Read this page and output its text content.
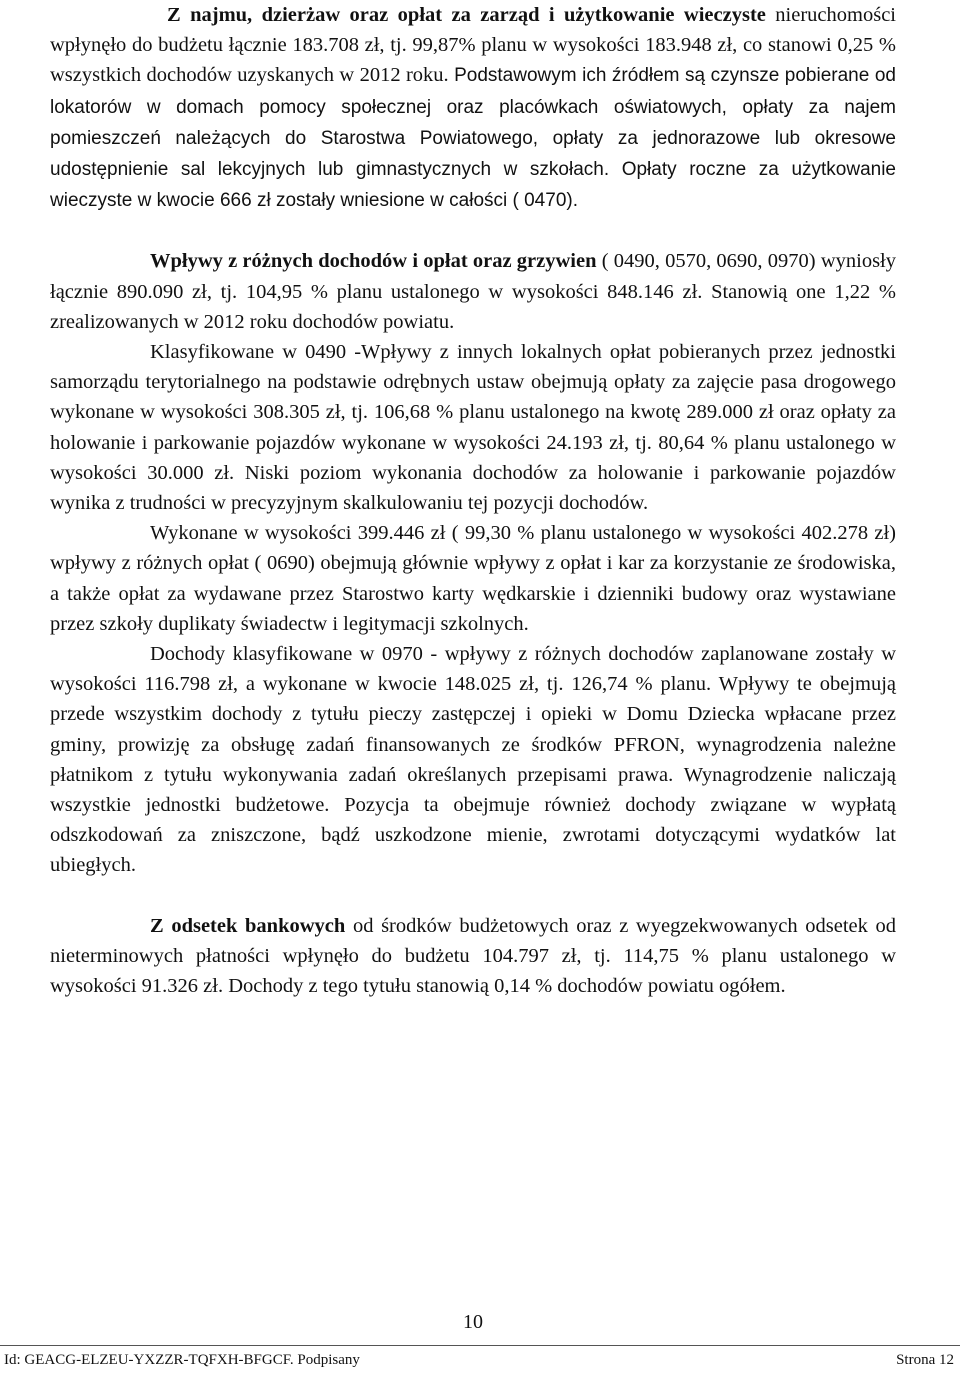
Z najmu, dzierżaw oraz opłat za zarząd i użytkowanie wieczyste nieruchomości wpłynęło do budżetu łącznie 183.708 zł, tj. 99,87% planu w wysokości 183.948 zł, co stanowi 0,25 % wszystkich dochodów uzyskanych w 2012 roku. Podstawowym ich źródłem są czynsze pobierane od lokatorów w domach pomocy społecznej oraz placówkach oświatowych, opłaty za najem pomieszczeń należących do Starostwa Powiatowego, opłaty za jednorazowe lub okresowe udostępnienie sal lekcyjnych lub gimnastycznych w szkołach. Opłaty roczne za użytkowanie wieczyste w kwocie 666 zł zostały wniesione w całości ( 0470).

Wpływy z różnych dochodów i opłat oraz grzywien ( 0490, 0570, 0690, 0970) wyniosły łącznie 890.090 zł, tj. 104,95 % planu ustalonego w wysokości 848.146 zł. Stanowią one 1,22 % zrealizowanych w 2012 roku dochodów powiatu.

Klasyfikowane w 0490 -Wpływy z innych lokalnych opłat pobieranych przez jednostki samorządu terytorialnego na podstawie odrębnych ustaw obejmują opłaty za zajęcie pasa drogowego wykonane w wysokości 308.305 zł, tj. 106,68 % planu ustalonego na kwotę 289.000 zł oraz opłaty za holowanie i parkowanie pojazdów wykonane w wysokości 24.193 zł, tj. 80,64 % planu ustalonego w wysokości 30.000 zł. Niski poziom wykonania dochodów za holowanie i parkowanie pojazdów wynika z trudności w precyzyjnym skalkulowaniu tej pozycji dochodów.

Wykonane w wysokości 399.446 zł ( 99,30 % planu ustalonego w wysokości 402.278 zł) wpływy z różnych opłat ( 0690) obejmują głównie wpływy z opłat i kar za korzystanie ze środowiska, a także opłat za wydawane przez Starostwo karty wędkarskie i dzienniki budowy oraz wystawiane przez szkoły duplikaty świadectw i legitymacji szkolnych.

Dochody klasyfikowane w 0970 - wpływy z różnych dochodów zaplanowane zostały w wysokości 116.798 zł, a wykonane w kwocie 148.025 zł, tj. 126,74 % planu. Wpływy te obejmują przede wszystkim dochody z tytułu pieczy zastępczej i opieki w Domu Dziecka wpłacane przez gminy, prowizję za obsługę zadań finansowanych ze środków PFRON, wynagrodzenia należne płatnikom z tytułu wykonywania zadań określanych przepisami prawa. Wynagrodzenie naliczają wszystkie jednostki budżetowe. Pozycja ta obejmuje również dochody związane w wypłatą odszkodowań za zniszczone, bądź uszkodzone mienie, zwrotami dotyczącymi wydatków lat ubiegłych.

Z odsetek bankowych od środków budżetowych oraz z wyegzekwowanych odsetek od nieterminowych płatności wpłynęło do budżetu 104.797 zł, tj. 114,75 % planu ustalonego w wysokości 91.326 zł. Dochody z tego tytułu stanowią 0,14 % dochodów powiatu ogółem.

10
Id: GEACG-ELZEU-YXZZR-TQFXH-BFGCF. Podpisany	Strona 12
